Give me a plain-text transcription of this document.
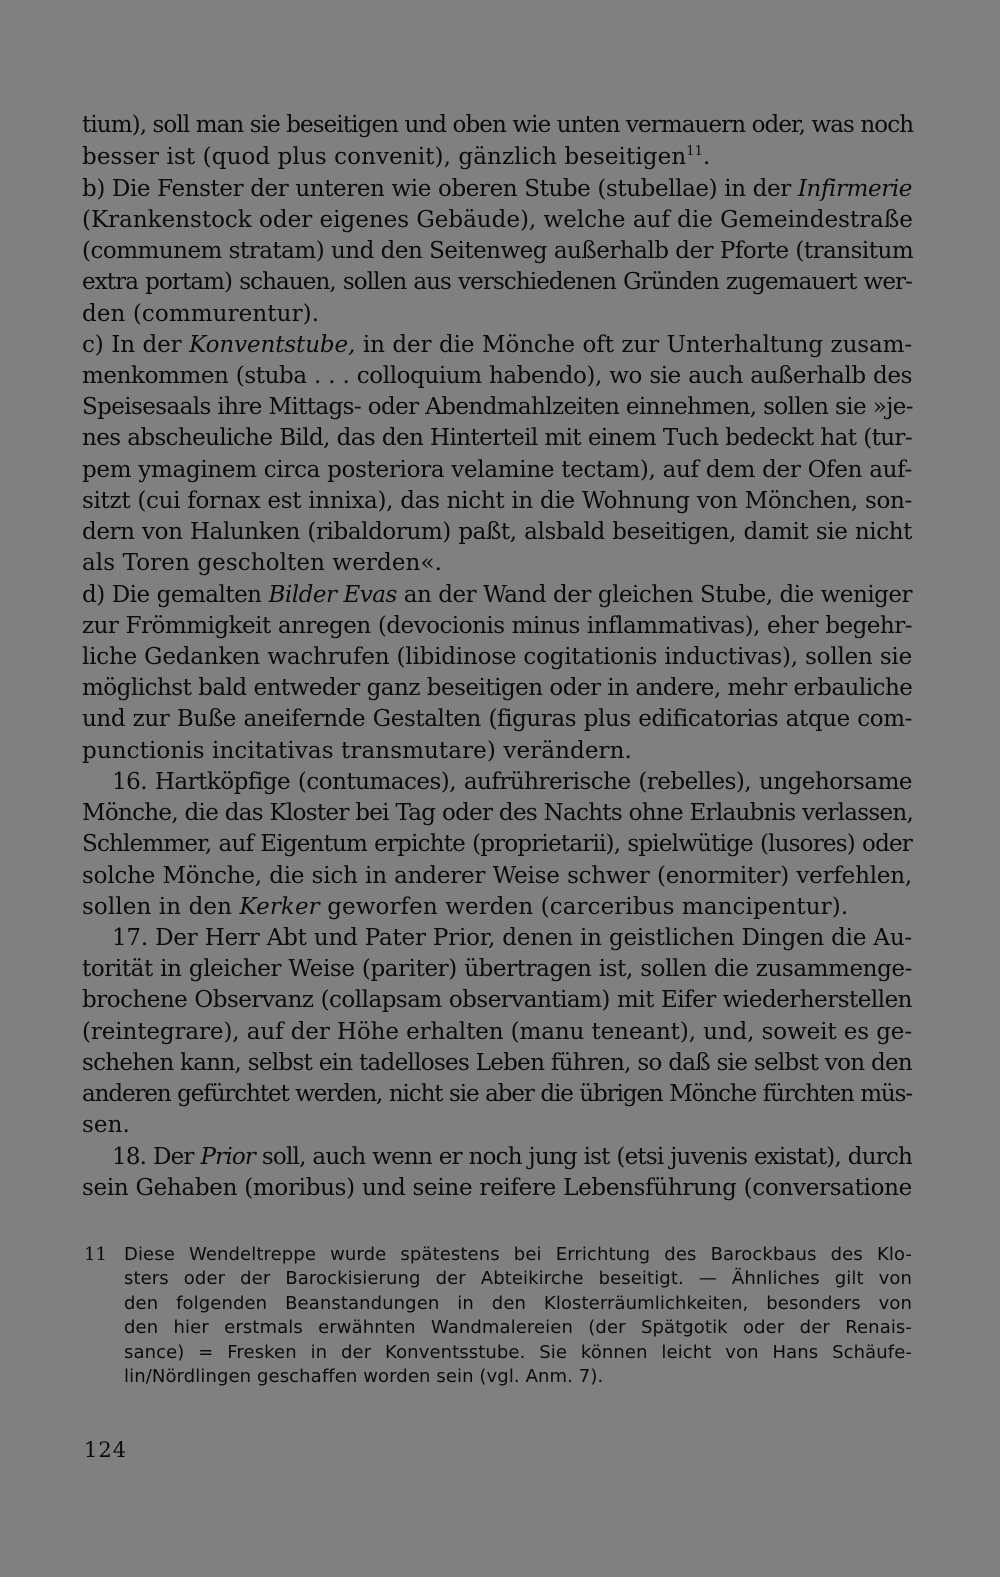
tium), soll man sie beseitigen und oben wie unten vermauern oder, was noch
besser ist (quod plus convenit), gänzlich beseitigen$^{11}$.
b) Die Fenster der unteren wie oberen Stube (stubellae) in der Infirmerie
(Krankenstock oder eigenes Gebäude), welche auf die Gemeindestraße
(communem stratam) und den Seitenweg außerhalb der Pforte (transitum
extra portam) schauen, sollen aus verschiedenen Gründen zugemauert wer-
den (commurentur).
c) In der Konventstube, in der die Mönche oft zur Unterhaltung zusam-
menkommen (stuba . . . colloquium habendo), wo sie auch außerhalb des
Speisesaals ihre Mittags- oder Abendmahlzeiten einnehmen, sollen sie »je-
nes abscheuliche Bild, das den Hinterteil mit einem Tuch bedeckt hat (tur-
pem ymaginem circa posteriora velamine tectam), auf dem der Ofen auf-
sitzt (cui fornax est innixa), das nicht in die Wohnung von Mönchen, son-
dern von Halunken (ribaldorum) paßt, alsbald beseitigen, damit sie nicht
als Toren gescholten werden«.
d) Die gemalten Bilder Evas an der Wand der gleichen Stube, die weniger
zur Frömmigkeit anregen (devocionis minus inflammativas), eher begehr-
liche Gedanken wachrufen (libidinose cogitationis inductivas), sollen sie
möglichst bald entweder ganz beseitigen oder in andere, mehr erbauliche
und zur Buße aneifernde Gestalten (figuras plus edificatorias atque com-
punctionis incitativas transmutare) verändern.
16. Hartköpfige (contumaces), aufrührerische (rebelles), ungehorsame
Mönche, die das Kloster bei Tag oder des Nachts ohne Erlaubnis verlassen,
Schlemmer, auf Eigentum erpichte (proprietarii), spielwütige (lusores) oder
solche Mönche, die sich in anderer Weise schwer (enormiter) verfehlen,
sollen in den Kerker geworfen werden (carceribus mancipentur).
17. Der Herr Abt und Pater Prior, denen in geistlichen Dingen die Au-
torität in gleicher Weise (pariter) übertragen ist, sollen die zusammenge-
brochene Observanz (collapsam observantiam) mit Eifer wiederherstellen
(reintegrare), auf der Höhe erhalten (manu teneant), und, soweit es ge-
schehen kann, selbst ein tadelloses Leben führen, so daß sie selbst von den
anderen gefürchtet werden, nicht sie aber die übrigen Mönche fürchten müs-
sen.
18. Der Prior soll, auch wenn er noch jung ist (etsi juvenis existat), durch
sein Gehaben (moribus) und seine reifere Lebensführung (conversatione
11 Diese Wendeltreppe wurde spätestens bei Errichtung des Barockbaus des Klo-
sters oder der Barockisierung der Abteikirche beseitigt. — Ähnliches gilt von
den folgenden Beanstandungen in den Klosterräumlichkeiten, besonders von
den hier erstmals erwähnten Wandmalereien (der Spätgotik oder der Renais-
sance) = Fresken in der Konventsstube. Sie können leicht von Hans Schäufe-
lin/Nördlingen geschaffen worden sein (vgl. Anm. 7).
124
